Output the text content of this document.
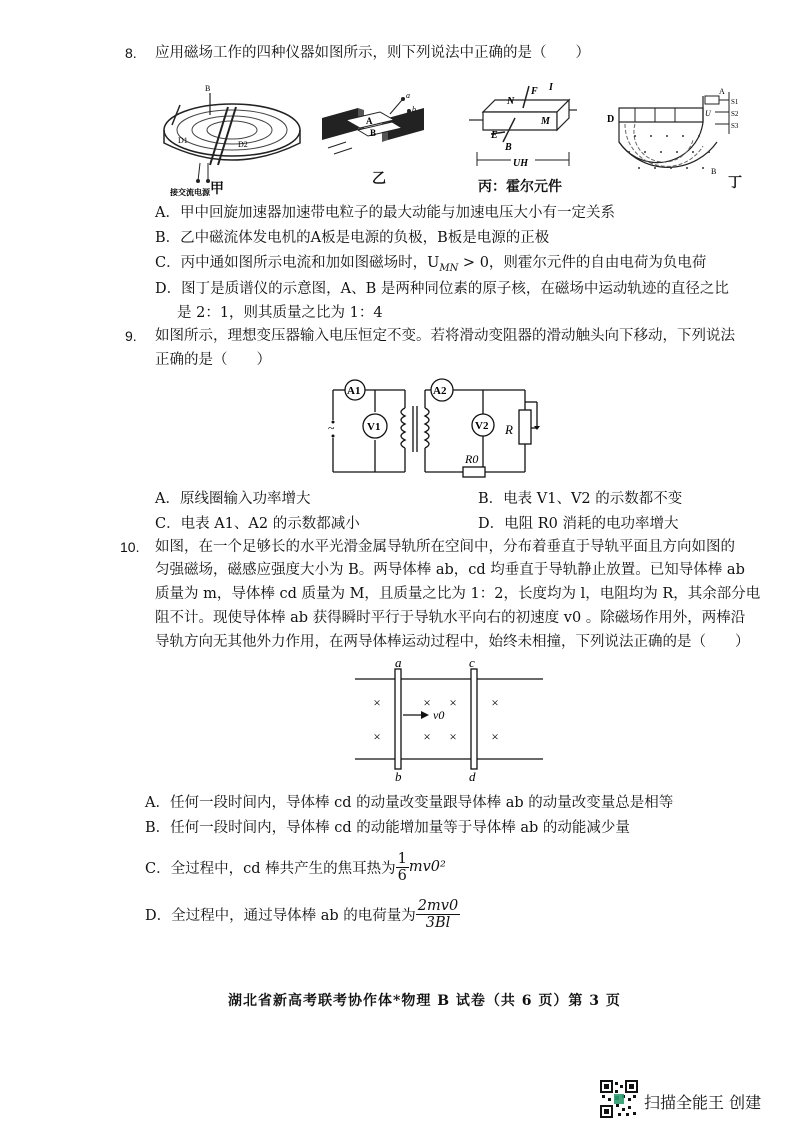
8. 应用磁场工作的四种仪器如图所示，则下列说法中正确的是（　　）
B
D1	D2
接交流电源 甲
A
B
a
b
乙
N
F I
M
E
B
UH
丙：霍尔元件
D
A
U
S1
S2
S3
B
丁
A．甲中回旋加速器加速带电粒子的最大动能与加速电压大小有一定关系
B．乙中磁流体发电机的A板是电源的负极，B板是电源的正极
C．丙中通如图所示电流和加如图磁场时，$U_{MN} > 0$，则霍尔元件的自由电荷为负电荷
D．图丁是质谱仪的示意图，A、B 是两种同位素的原子核，在磁场中运动轨迹的直径之比
是 2：1，则其质量之比为 1：4
9. 如图所示，理想变压器输入电压恒定不变。若将滑动变阻器的滑动触头向下移动，下列说法
正确的是（　　）
~
A1	A2
V1	V2 R
R0
A．原线圈输入功率增大	B．电表 V1、V2 的示数都不变
C．电表 A1、A2 的示数都减小	D．电阻 R0 消耗的电功率增大
10. 如图，在一个足够长的水平光滑金属导轨所在空间中，分布着垂直于导轨平面且方向如图的
匀强磁场，磁感应强度大小为 B。两导体棒 ab，cd 均垂直于导轨静止放置。已知导体棒 ab
质量为 m，导体棒 cd 质量为 M，且质量之比为 1：2，长度均为 l，电阻均为 R，其余部分电
阻不计。现使导体棒 ab 获得瞬时平行于导轨水平向右的初速度 v0 。除磁场作用外，两棒沿
导轨方向无其他外力作用，在两导体棒运动过程中，始终未相撞，下列说法正确的是（　　）
a
b
c
d
v0
×	× ×	×
×	× ×	×
A．任何一段时间内，导体棒 cd 的动量改变量跟导体棒 ab 的动量改变量总是相等
B．任何一段时间内，导体棒 cd 的动能增加量等于导体棒 ab 的动能减少量
C．全过程中，cd 棒共产生的焦耳热为 $\frac{1}{6} mv0^2$
D．全过程中，通过导体棒 ab 的电荷量为 $\frac{2mv0}{3Bl}$
湖北省新高考联考协作体*物理 B 试卷（共 6 页）第 3 页
扫描全能王 创建
